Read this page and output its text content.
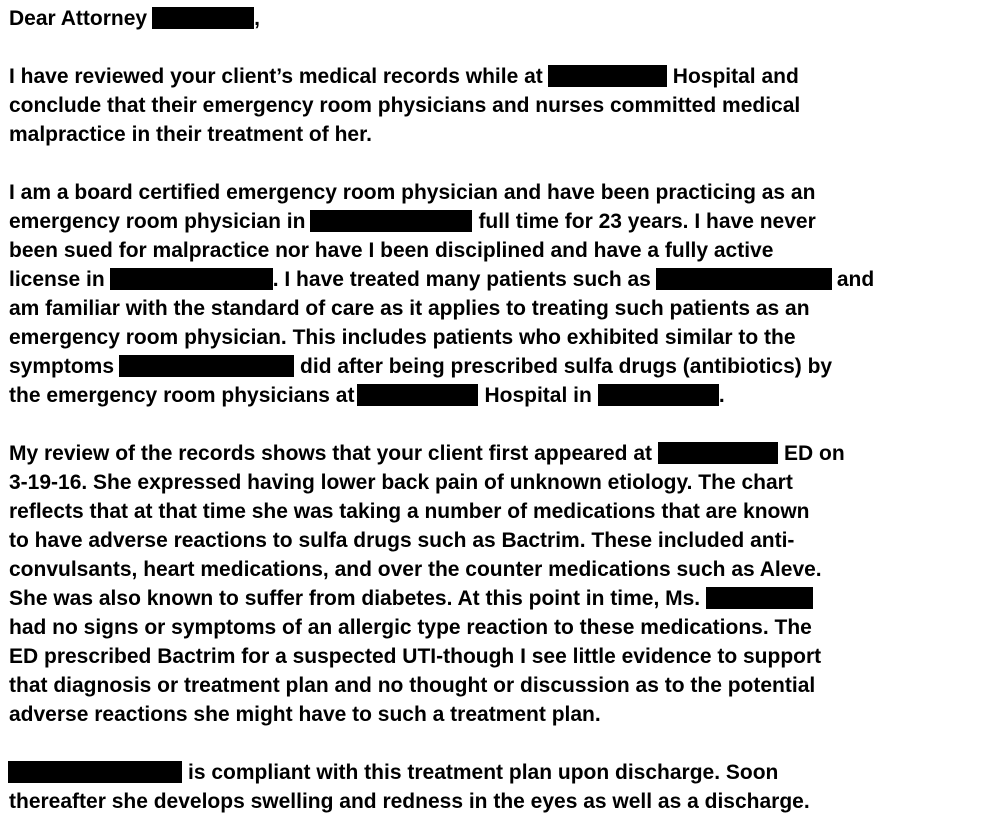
Dear Attorney	,
I have reviewed your client’s medical records while at	Hospital and
conclude that their emergency room physicians and nurses committed medical
malpractice in their treatment of her.
I am a board certified emergency room physician and have been practicing as an
emergency room physician in	full time for 23 years. I have never
been sued for malpractice nor have I been disciplined and have a fully active
license in	. I have treated many patients such as	and
am familiar with the standard of care as it applies to treating such patients as an
emergency room physician. This includes patients who exhibited similar to the
symptoms	did after being prescribed sulfa drugs (antibiotics) by
the emergency room physicians at	Hospital in	.
My review of the records shows that your client first appeared at	ED on
3-19-16. She expressed having lower back pain of unknown etiology. The chart
reflects that at that time she was taking a number of medications that are known
to have adverse reactions to sulfa drugs such as Bactrim. These included anti-
convulsants, heart medications, and over the counter medications such as Aleve.
She was also known to suffer from diabetes. At this point in time, Ms.
had no signs or symptoms of an allergic type reaction to these medications. The
ED prescribed Bactrim for a suspected UTI-though I see little evidence to support
that diagnosis or treatment plan and no thought or discussion as to the potential
adverse reactions she might have to such a treatment plan.
is compliant with this treatment plan upon discharge. Soon
thereafter she develops swelling and redness in the eyes as well as a discharge.
